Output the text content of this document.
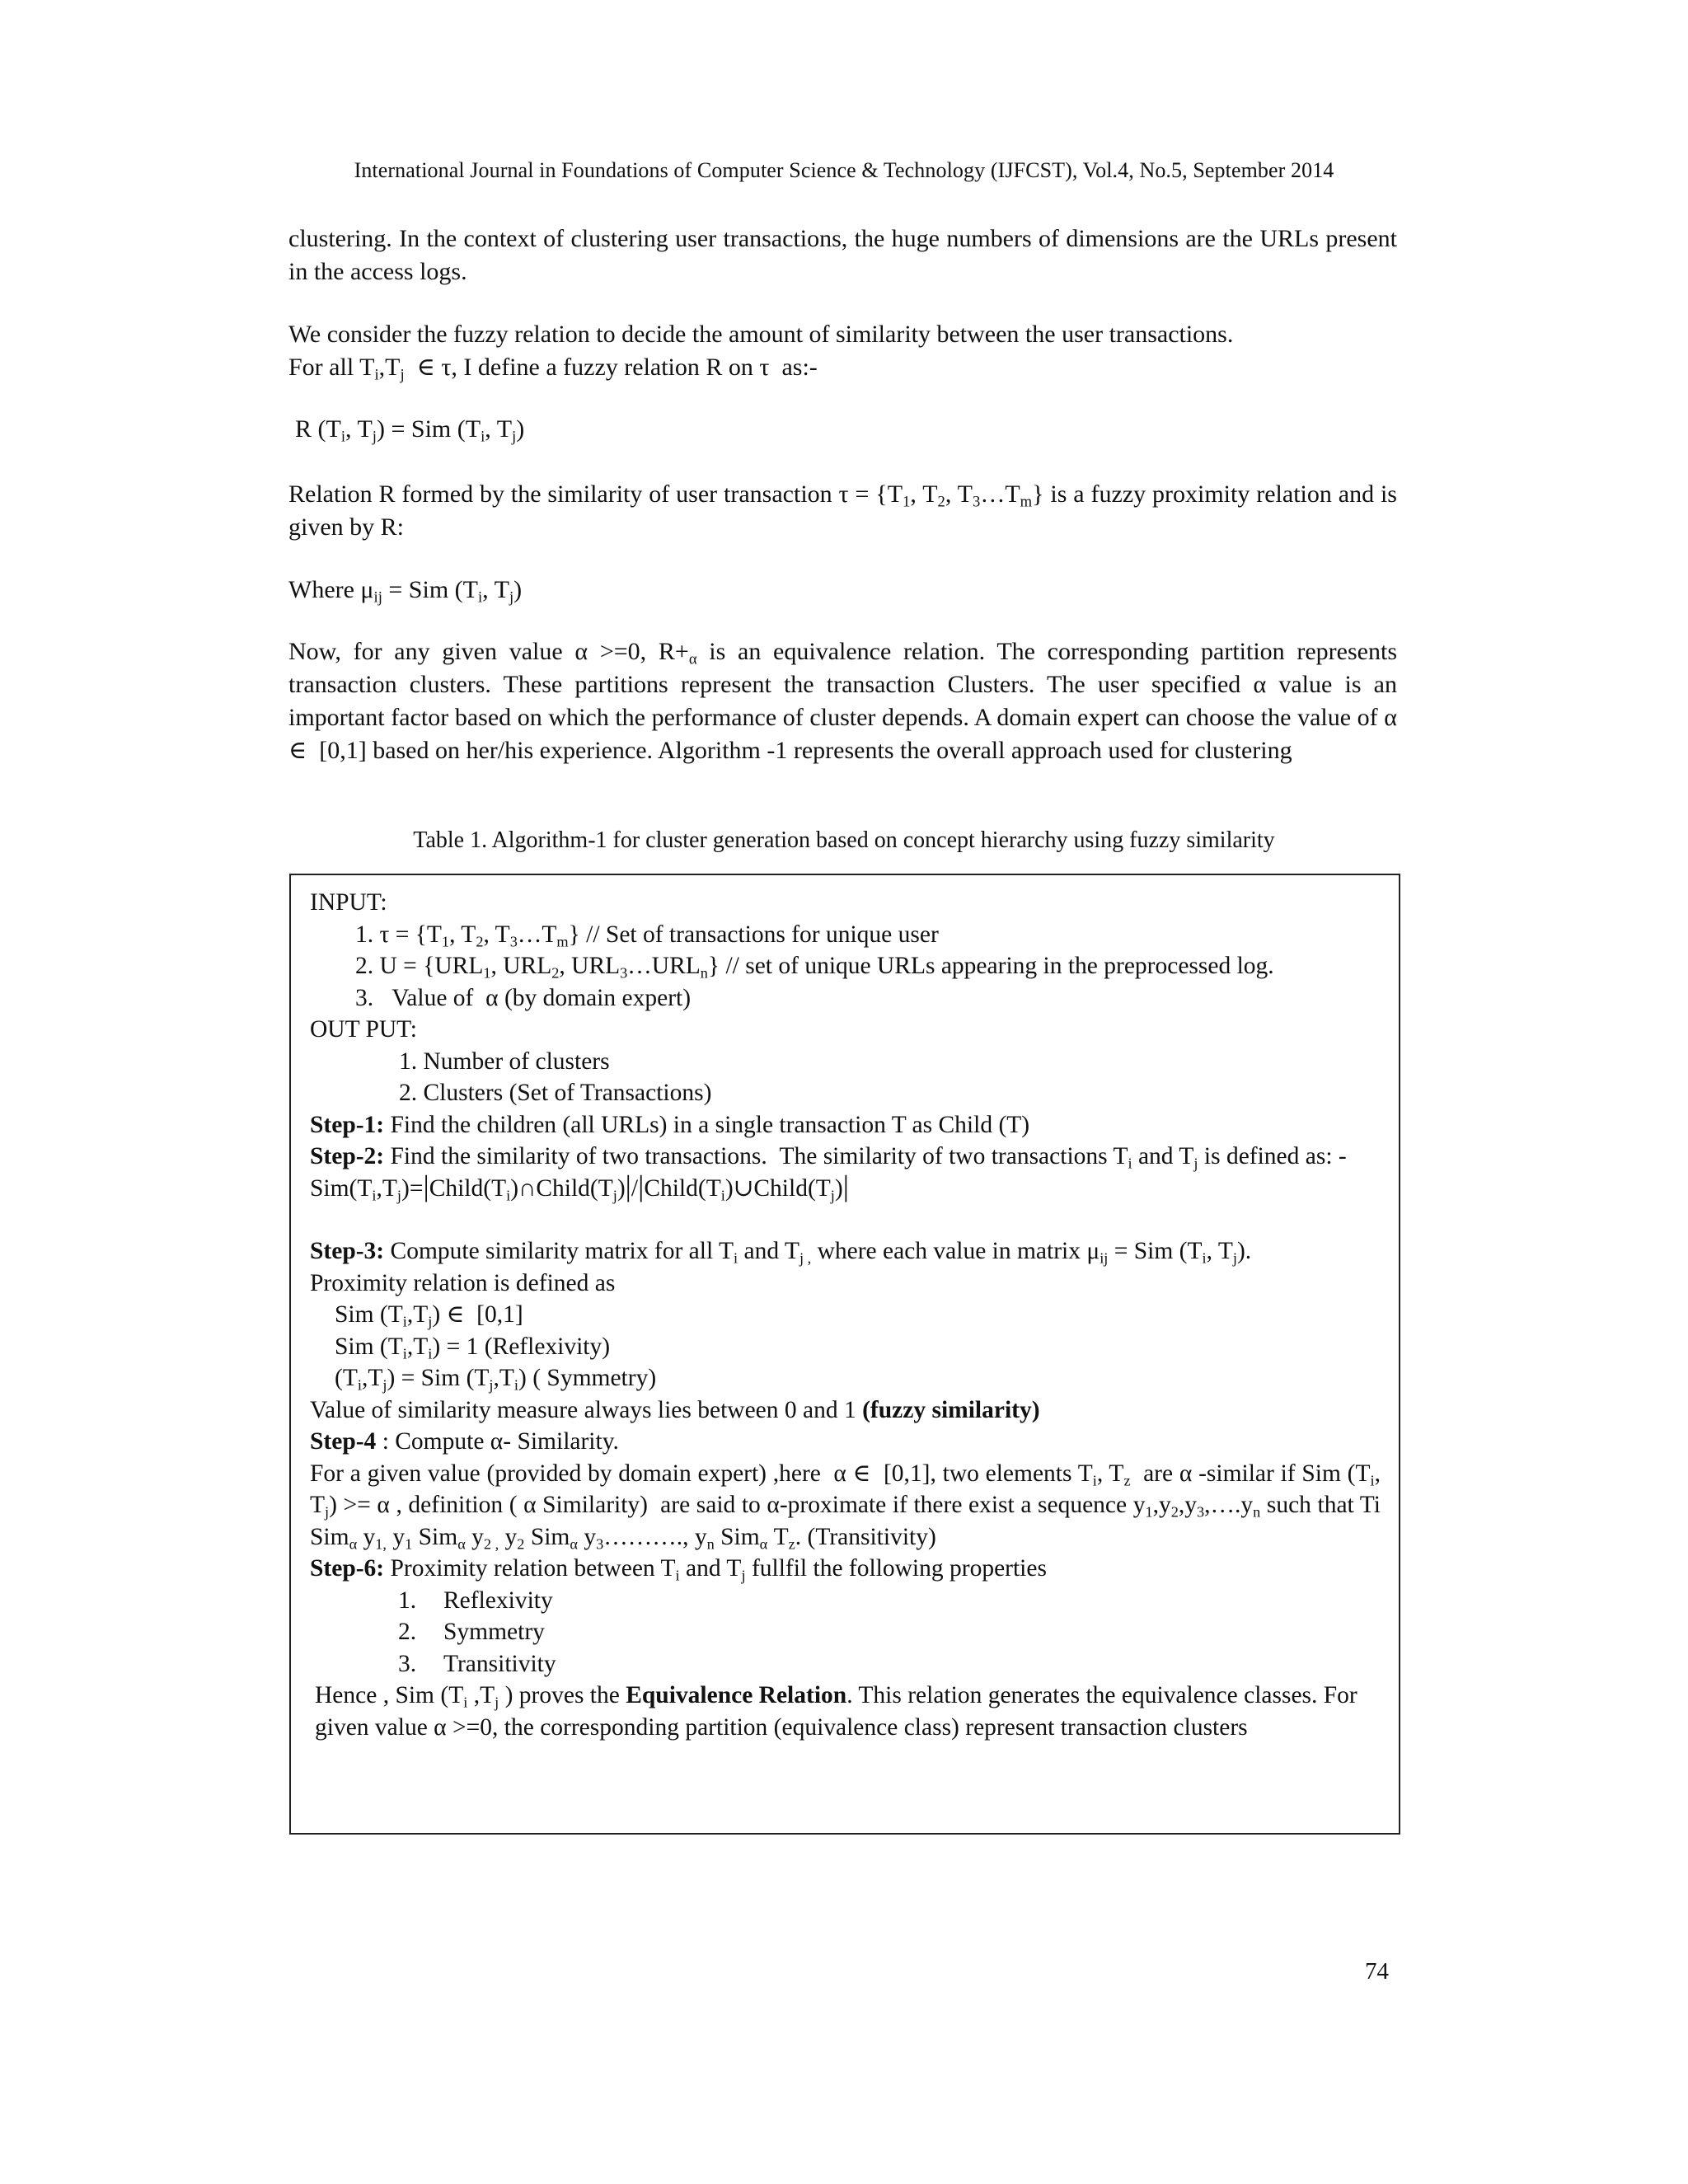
International Journal in Foundations of Computer Science & Technology (IJFCST), Vol.4, No.5, September 2014
clustering. In the context of clustering user transactions, the huge numbers of dimensions are the URLs present in the access logs.
We consider the fuzzy relation to decide the amount of similarity between the user transactions.
For all $T_i,T_j$  ∈ τ, I define a fuzzy relation R on τ  as:-
R ($T_i$, $T_j$) = Sim ($T_i$, $T_j$)
Relation R formed by the similarity of user transaction $\tau = \{T_1$, $T_2$, $T_3\dots T_m$} is a fuzzy proximity relation and is given by R:
Where $\mu_{ij}$ = Sim ($T_i$, $T_j$)
Now, for any given value α >=0, $R+_\alpha$ is an equivalence relation. The corresponding partition represents transaction clusters. These partitions represent the transaction Clusters. The user specified α value is an important factor based on which the performance of cluster depends. A domain expert can choose the value of α ∈  [0,1] based on her/his experience. Algorithm -1 represents the overall approach used for clustering
Table 1. Algorithm-1 for cluster generation based on concept hierarchy using fuzzy similarity
INPUT:
1. $\tau = \{T_1$, $T_2$, $T_3\dots T_m$} // Set of transactions for unique user
2. $U = \{URL_1$, $URL_2$, $URL_3\dots URL_n$} // set of unique URLs appearing in the preprocessed log.
3.   Value of  α (by domain expert)
OUT PUT:
1. Number of clusters
2. Clusters (Set of Transactions)
Step-1: Find the children (all URLs) in a single transaction T as Child (T)
Step-2: Find the similarity of two transactions.  The similarity of two transactions $T_i$ and $T_j$ is defined as: -
$Sim(T_i,T_j)=|Child(T_i)\cap Child(T_j)|/|Child(T_i)\cup Child(T_j)|$
Step-3: Compute similarity matrix for all $T_i$ and $T_{j ,}$ where each value in matrix $\mu_{ij}$ = Sim ($T_i$, $T_j$).
Proximity relation is defined as
Sim $(T_i,T_j)$ ∈  [0,1]
Sim $(T_i,T_i) = 1$ (Reflexivity)
$(T_i,T_j)$ = Sim $(T_j,T_i)$ ( Symmetry)
Value of similarity measure always lies between 0 and 1 (fuzzy similarity)
Step-4 : Compute α- Similarity.
For a given value (provided by domain expert) ,here  α ∈  [0,1], two elements $T_i$, $T_z$  are α -similar if Sim ($T_i$, $T_j) >= \alpha$ , definition ( α Similarity)  are said to α-proximate if there exist a sequence $y_1,y_2,y_3,\dots.y_n$ such that Ti Sim$_\alpha$ $y_{1,}$ $y_1$ Sim$_\alpha$ $y_{2 ,}$ $y_2$ Sim$_\alpha$ $y_3\dots\dots\dots$., $y_n$ Sim$_\alpha$ $T_z$. (Transitivity)
Step-6: Proximity relation between $T_i$ and $T_j$ fullfil the following properties
1. Reflexivity
2. Symmetry
3. Transitivity
Hence , Sim ($T_i$ $,T_j$ ) proves the Equivalence Relation. This relation generates the equivalence classes. For given value α >=0, the corresponding partition (equivalence class) represent transaction clusters
74
